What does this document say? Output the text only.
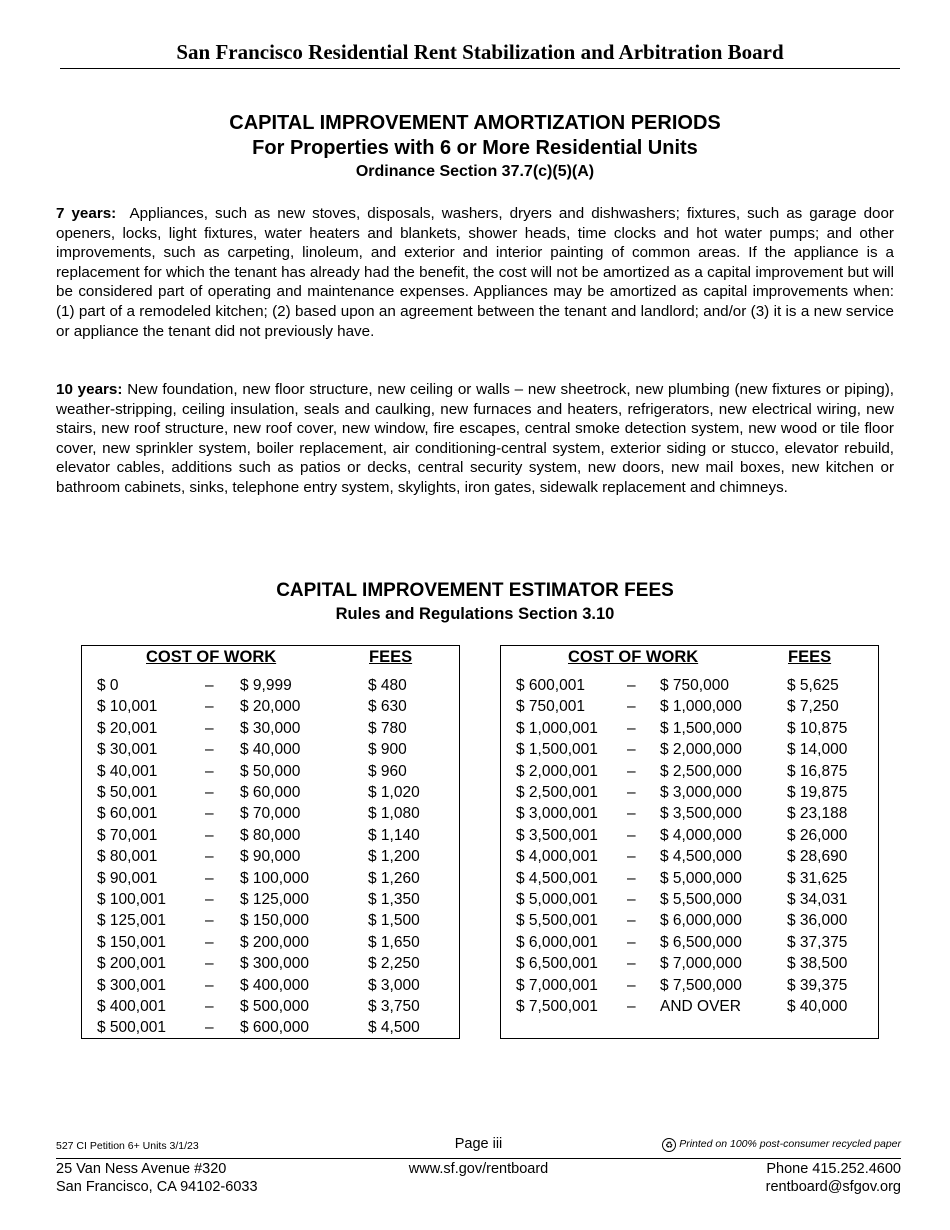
San Francisco Residential Rent Stabilization and Arbitration Board
CAPITAL IMPROVEMENT AMORTIZATION PERIODS
For Properties with 6 or More Residential Units
Ordinance Section 37.7(c)(5)(A)

7 years: Appliances, such as new stoves, disposals, washers, dryers and dishwashers; fixtures, such as garage door openers, locks, light fixtures, water heaters and blankets, shower heads, time clocks and hot water pumps; and other improvements, such as carpeting, linoleum, and exterior and interior painting of common areas. If the appliance is a replacement for which the tenant has already had the benefit, the cost will not be amortized as a capital improvement but will be considered part of operating and maintenance expenses. Appliances may be amortized as capital improvements when: (1) part of a remodeled kitchen; (2) based upon an agreement between the tenant and landlord; and/or (3) it is a new service or appliance the tenant did not previously have.

10 years: New foundation, new floor structure, new ceiling or walls – new sheetrock, new plumbing (new fixtures or piping), weather-stripping, ceiling insulation, seals and caulking, new furnaces and heaters, refrigerators, new electrical wiring, new stairs, new roof structure, new roof cover, new window, fire escapes, central smoke detection system, new wood or tile floor cover, new sprinkler system, boiler replacement, air conditioning-central system, exterior siding or stucco, elevator rebuild, elevator cables, additions such as patios or decks, central security system, new doors, new mail boxes, new kitchen or bathroom cabinets, sinks, telephone entry system, skylights, iron gates, sidewalk replacement and chimneys.

CAPITAL IMPROVEMENT ESTIMATOR FEES
Rules and Regulations Section 3.10
COST OF WORK	FEES
$ 0	– $ 9,999	$ 480
$ 10,001	– $ 20,000	$ 630
$ 20,001	– $ 30,000	$ 780
$ 30,001	– $ 40,000	$ 900
$ 40,001	– $ 50,000	$ 960
$ 50,001	– $ 60,000	$ 1,020
$ 60,001	– $ 70,000	$ 1,080
$ 70,001	– $ 80,000	$ 1,140
$ 80,001	– $ 90,000	$ 1,200
$ 90,001	– $ 100,000	$ 1,260
$ 100,001	– $ 125,000	$ 1,350
$ 125,001	– $ 150,000	$ 1,500
$ 150,001	– $ 200,000	$ 1,650
$ 200,001	– $ 300,000	$ 2,250
$ 300,001	– $ 400,000	$ 3,000
$ 400,001	– $ 500,000	$ 3,750
$ 500,001	– $ 600,000	$ 4,500
COST OF WORK	FEES
$ 600,001	– $ 750,000	$ 5,625
$ 750,001	– $ 1,000,000	$ 7,250
$ 1,000,001 – $ 1,500,000	$ 10,875
$ 1,500,001 – $ 2,000,000	$ 14,000
$ 2,000,001 – $ 2,500,000	$ 16,875
$ 2,500,001 – $ 3,000,000	$ 19,875
$ 3,000,001 – $ 3,500,000	$ 23,188
$ 3,500,001 – $ 4,000,000	$ 26,000
$ 4,000,001 – $ 4,500,000	$ 28,690
$ 4,500,001 – $ 5,000,000	$ 31,625
$ 5,000,001 – $ 5,500,000	$ 34,031
$ 5,500,001 – $ 6,000,000	$ 36,000
$ 6,000,001 – $ 6,500,000	$ 37,375
$ 6,500,001 – $ 7,000,000	$ 38,500
$ 7,000,001 – $ 7,500,000	$ 39,375
$ 7,500,001 – AND OVER	$ 40,000
527 CI Petition 6+ Units 3/1/23	Page iii	♻ Printed on 100% post-consumer recycled paper
25 Van Ness Avenue #320
San Francisco, CA 94102-6033
www.sf.gov/rentboard	Phone 415.252.4600
rentboard@sfgov.org
